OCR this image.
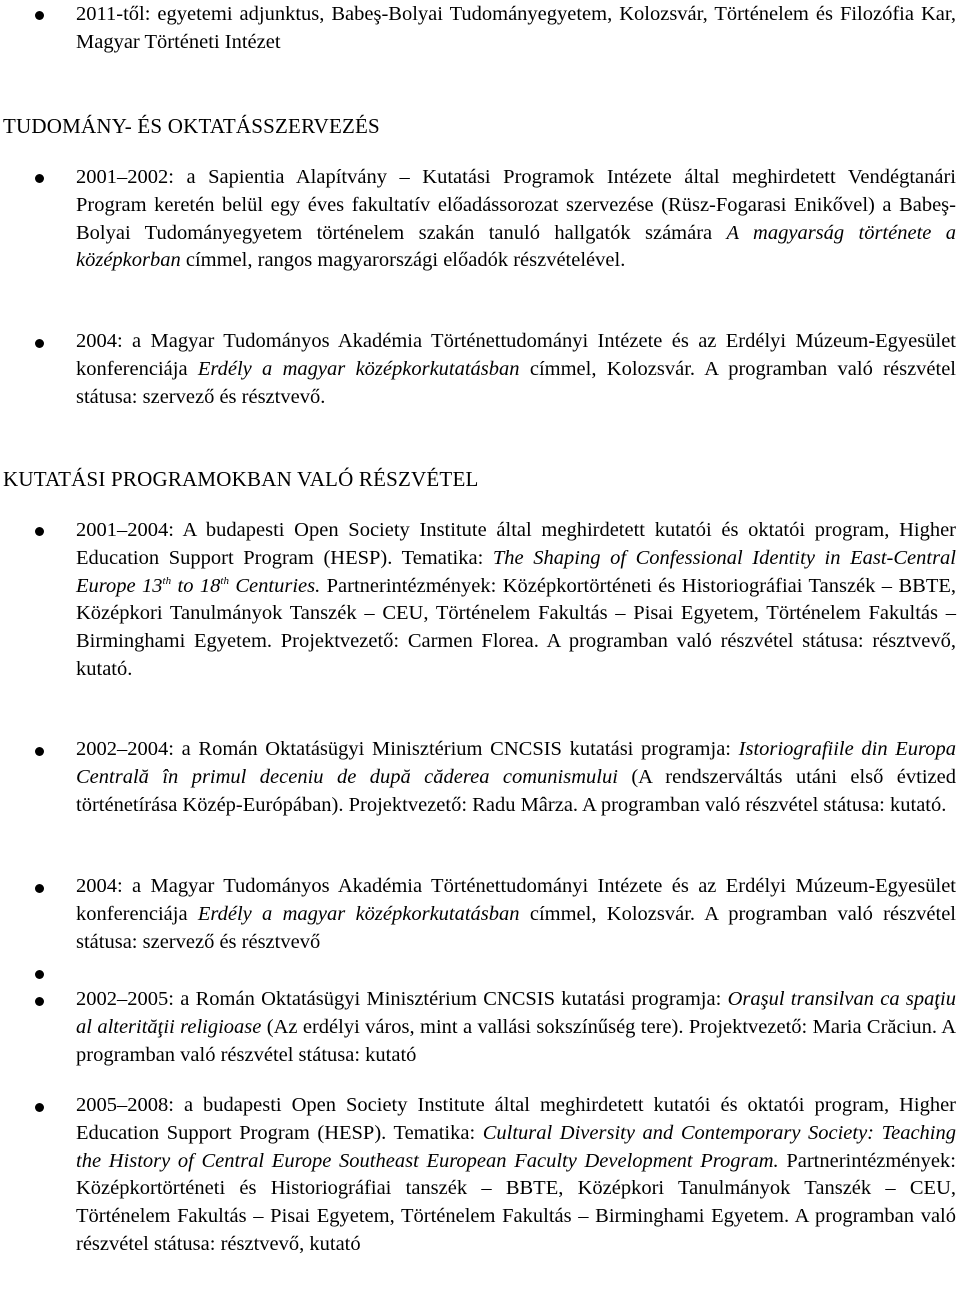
2011-től: egyetemi adjunktus, Babeş-Bolyai Tudományegyetem, Kolozsvár, Történelem és Filozófia Kar, Magyar Történeti Intézet

TUDOMÁNY- ÉS OKTATÁSSZERVEZÉS

2001–2002: a Sapientia Alapítvány – Kutatási Programok Intézete által meghirdetett Vendégtanári Program keretén belül egy éves fakultatív előadássorozat szervezése (Rüsz-Fogarasi Enikővel) a Babeş-Bolyai Tudományegyetem történelem szakán tanuló hallgatók számára A magyarság története a középkorban címmel, rangos magyarországi előadók részvételével.

2004: a Magyar Tudományos Akadémia Történettudományi Intézete és az Erdélyi Múzeum-Egyesület konferenciája Erdély a magyar középkorkutatásban címmel, Kolozsvár. A programban való részvétel státusa: szervező és résztvevő.

KUTATÁSI PROGRAMOKBAN VALÓ RÉSZVÉTEL

2001–2004: A budapesti Open Society Institute által meghirdetett kutatói és oktatói program, Higher Education Support Program (HESP). Tematika: The Shaping of Confessional Identity in East-Central Europe 13th to 18th Centuries. Partnerintézmények: Középkortörténeti és Historiográfiai Tanszék – BBTE, Középkori Tanulmányok Tanszék – CEU, Történelem Fakultás – Pisai Egyetem, Történelem Fakultás – Birminghami Egyetem. Projektvezető: Carmen Florea. A programban való részvétel státusa: résztvevő, kutató.

2002–2004: a Román Oktatásügyi Minisztérium CNCSIS kutatási programja: Istoriografiile din Europa Centrală în primul deceniu de după căderea comunismului (A rendszerváltás utáni első évtized történetírása Közép-Európában). Projektvezető: Radu Mârza. A programban való részvétel státusa: kutató.

2004: a Magyar Tudományos Akadémia Történettudományi Intézete és az Erdélyi Múzeum-Egyesület konferenciája Erdély a magyar középkorkutatásban címmel, Kolozsvár. A programban való részvétel státusa: szervező és résztvevő

2002–2005: a Román Oktatásügyi Minisztérium CNCSIS kutatási programja: Oraşul transilvan ca spaţiu al alterităţii religioase (Az erdélyi város, mint a vallási sokszínűség tere). Projektvezető: Maria Crăciun. A programban való részvétel státusa: kutató

2005–2008: a budapesti Open Society Institute által meghirdetett kutatói és oktatói program, Higher Education Support Program (HESP). Tematika: Cultural Diversity and Contemporary Society: Teaching the History of Central Europe Southeast European Faculty Development Program. Partnerintézmények: Középkortörténeti és Historiográfiai tanszék – BBTE, Középkori Tanulmányok Tanszék – CEU, Történelem Fakultás – Pisai Egyetem, Történelem Fakultás – Birminghami Egyetem. A programban való részvétel státusa: résztvevő, kutató
